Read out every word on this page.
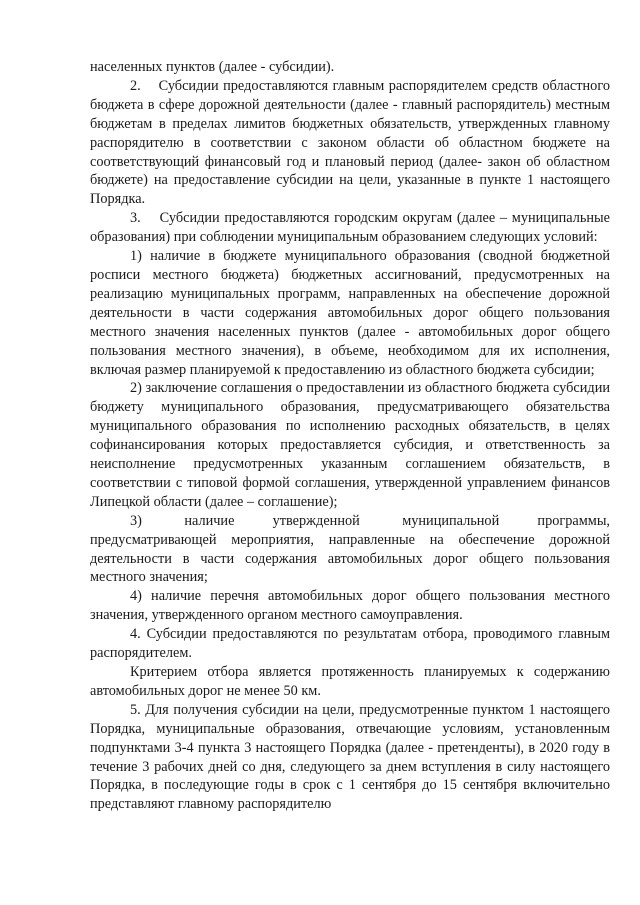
населенных пунктов (далее - субсидии).

2.    Субсидии предоставляются главным распорядителем средств областного бюджета в сфере дорожной деятельности (далее - главный распорядитель) местным бюджетам в пределах лимитов бюджетных обязательств, утвержденных главному распорядителю в соответствии с законом области об областном бюджете на соответствующий финансовый год и плановый период (далее- закон об областном бюджете) на предоставление субсидии на цели, указанные в пункте 1 настоящего Порядка.

3.    Субсидии предоставляются городским округам (далее – муниципальные образования) при соблюдении муниципальным образованием следующих условий:

1) наличие в бюджете муниципального образования (сводной бюджетной росписи местного бюджета) бюджетных ассигнований, предусмотренных на реализацию муниципальных программ, направленных на обеспечение дорожной деятельности в части содержания автомобильных дорог общего пользования местного значения населенных пунктов (далее - автомобильных дорог общего пользования местного значения), в объеме, необходимом для их исполнения, включая размер планируемой к предоставлению из областного бюджета субсидии;

2) заключение соглашения о предоставлении из областного бюджета субсидии бюджету муниципального образования, предусматривающего обязательства муниципального образования по исполнению расходных обязательств, в целях софинансирования которых предоставляется субсидия, и ответственность за неисполнение предусмотренных указанным соглашением обязательств, в соответствии с типовой формой соглашения, утвержденной управлением финансов Липецкой области (далее – соглашение);

3)          наличие         утвержденной          муниципальной         программы, предусматривающей мероприятия, направленные на обеспечение дорожной деятельности в части содержания автомобильных дорог общего пользования местного значения;

4) наличие перечня автомобильных дорог общего пользования местного значения, утвержденного органом местного самоуправления.

4. Субсидии предоставляются по результатам отбора, проводимого главным распорядителем.

Критерием отбора является протяженность планируемых к содержанию автомобильных дорог не менее 50 км.

5. Для получения субсидии на цели, предусмотренные пунктом 1 настоящего Порядка, муниципальные образования, отвечающие условиям, установленным подпунктами 3-4 пункта 3 настоящего Порядка (далее - претенденты), в 2020 году в течение 3 рабочих дней со дня, следующего за днем вступления в силу настоящего Порядка, в последующие годы в срок с 1 сентября до 15 сентября включительно представляют главному распорядителю
